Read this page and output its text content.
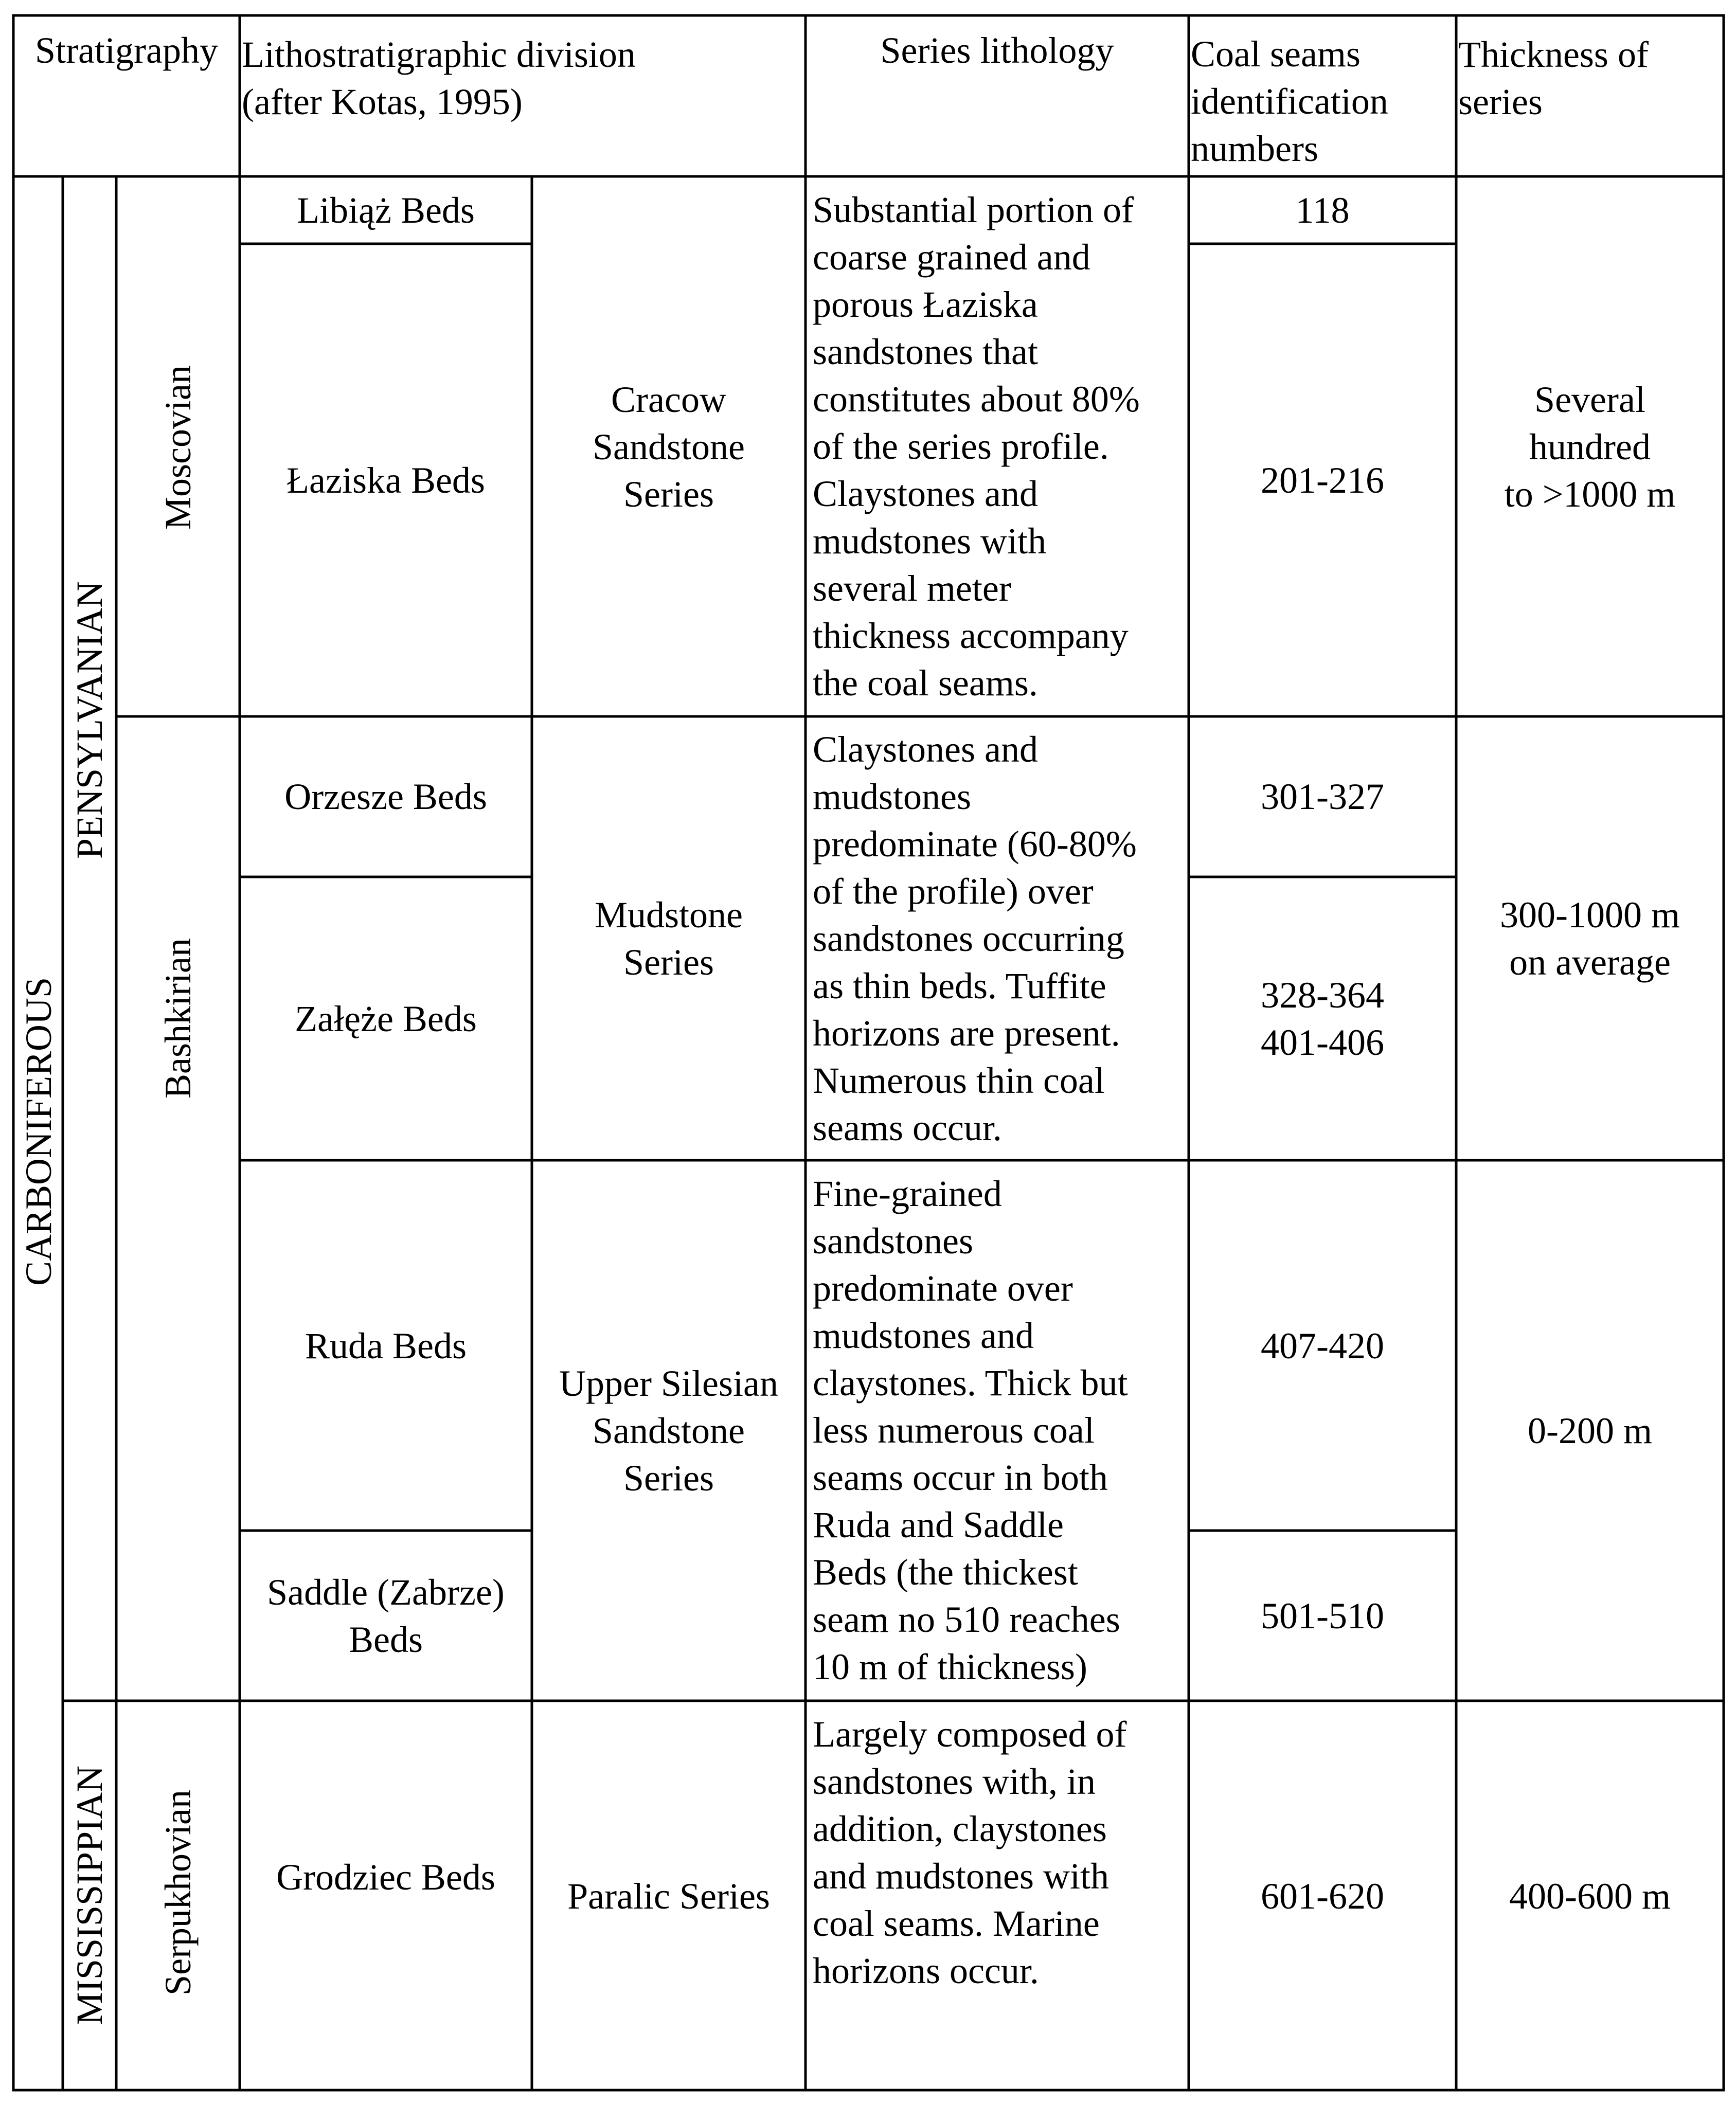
Stratigraphy Lithostratigraphic division
(after Kotas, 1995)
Series lithology Coal seams
identification
numbers
Thickness of
series
CARBONIFEROUS
PENSYLVANIAN
MISSISSIPPIAN
Moscovian
Bashkirian
Serpukhovian
Libiąż Beds
Łaziska Beds
Orzesze Beds
Załęże Beds
Ruda Beds
Saddle (Zabrze)
Beds
Grodziec Beds
Cracow
Sandstone
Series
Mudstone
Series
Upper Silesian
Sandstone
Series
Paralic Series
Substantial portion of
coarse grained and
porous Łaziska
sandstones that
constitutes about 80%
of the series profile.
Claystones and
mudstones with
several meter
thickness accompany
the coal seams.
Claystones and
mudstones
predominate (60-80%
of the profile) over
sandstones occurring
as thin beds. Tuffite
horizons are present.
Numerous thin coal
seams occur.
Fine-grained
sandstones
predominate over
mudstones and
claystones. Thick but
less numerous coal
seams occur in both
Ruda and Saddle
Beds (the thickest
seam no 510 reaches
10 m of thickness)
Largely composed of
sandstones with, in
addition, claystones
and mudstones with
coal seams. Marine
horizons occur.
118
201-216
301-327
328-364
401-406
407-420
501-510
601-620
Several
hundred
to >1000 m
300-1000 m
on average
0-200 m
400-600 m
